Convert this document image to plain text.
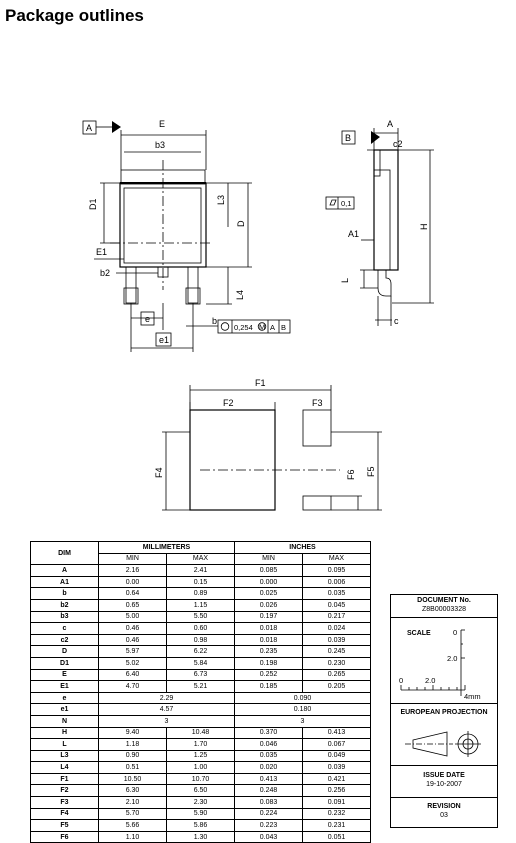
Package outlines
A	E
b3
D1	L3
D
E1
b2
L4
e
e1
b
0,254 M A B
B
A
c2
0,1
A1
H
L
c
F1
F2	F3
F4	F5
F6
DIM	MILLIMETERS		INCHES	
	MIN	MAX	MIN	MAX
A	2.16	2.41	0.085	0.095
A1	0.00	0.15	0.000	0.006
b	0.64	0.89	0.025	0.035
b2	0.65	1.15	0.026	0.045
b3	5.00	5.50	0.197	0.217
c	0.46	0.60	0.018	0.024
c2	0.46	0.98	0.018	0.039
D	5.97	6.22	0.235	0.245
D1	5.02	5.84	0.198	0.230
E	6.40	6.73	0.252	0.265
E1	4.70	5.21	0.185	0.205
e	2.29		0.090	
e1	4.57		0.180	
N	3		3	
H	9.40	10.48	0.370	0.413
L	1.18	1.70	0.046	0.067
L3	0.90	1.25	0.035	0.049
L4	0.51	1.00	0.020	0.039
F1	10.50	10.70	0.413	0.421
F2	6.30	6.50	0.248	0.256
F3	2.10	2.30	0.083	0.091
F4	5.70	5.90	0.224	0.232
F5	5.66	5.86	0.223	0.231
F6	1.10	1.30	0.043	0.051
DOCUMENT No.
Z8B00003328
SCALE	0
2.0
0	2.0
4mm
EUROPEAN PROJECTION
ISSUE DATE
19-10-2007
REVISION
03
